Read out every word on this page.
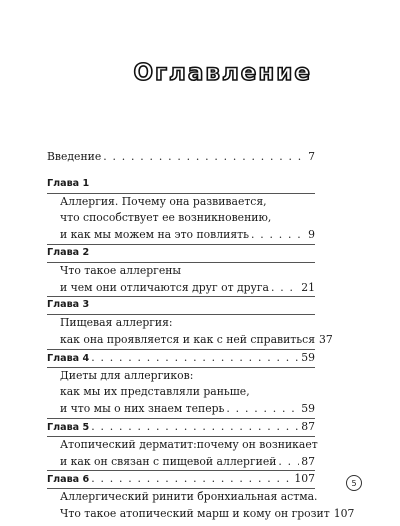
Оглавление
Введение . . .	7
Глава 1
Аллергия. Почему она развивается,
что способствует ее возникновению,
и как мы можем на это повлиять . . .	9
Глава 2
Что такое аллергены
и чем они отличаются друг от друга . . .	21
Глава 3
Пищевая аллергия:
как она проявляется и как с ней справиться 37
Глава 4 . . .	59
Диеты для аллергиков:
как мы их представляли раньше,
и что мы о них знаем теперь . . .	59
Глава 5 . . .	87
Атопический дерматит:почему он возникает
и как он связан с пищевой аллергией . . . 87
Глава 6 . . .	107
Аллергический ринити бронхиальная астма.
Что такое атопический марш и кому он грозит 107
5
